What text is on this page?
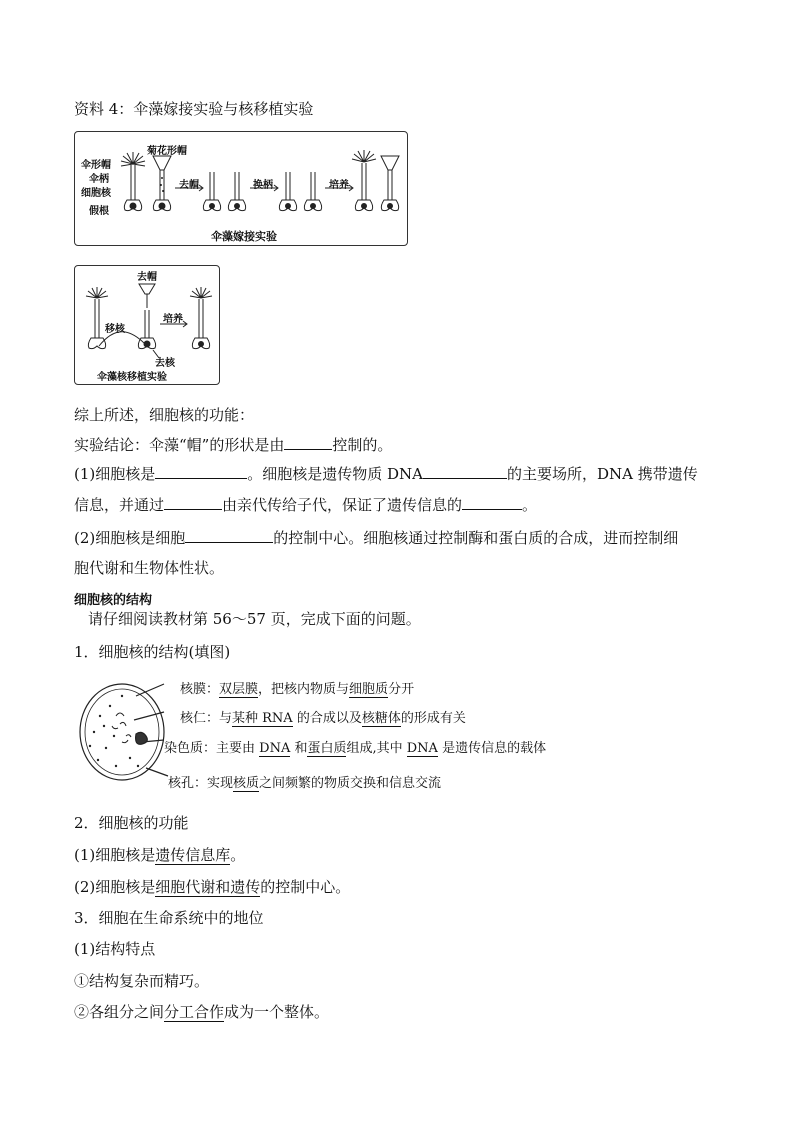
资料 4：伞藻嫁接实验与核移植实验
伞形帽
伞柄
细胞核
假根
菊花形帽
去帽	换柄	培养
伞藻嫁接实验
去帽
移核
培养
去核
伞藻核移植实验
综上所述，细胞核的功能：
实验结论：伞藻“帽”的形状是由	控制的。
(1)细胞核是	。细胞核是遗传物质 DNA	的主要场所，DNA 携带遗传
信息，并通过	由亲代传给子代，保证了遗传信息的	。
(2)细胞核是细胞	的控制中心。细胞核通过控制酶和蛋白质的合成，进而控制细
胞代谢和生物体性状。
细胞核的结构
请仔细阅读教材第 56～57 页，完成下面的问题。
1．细胞核的结构(填图)
核膜：双层膜，把核内物质与细胞质分开
核仁：与某种 RNA 的合成以及核糖体的形成有关
染色质：主要由 DNA 和蛋白质组成,其中 DNA 是遗传信息的载体
核孔：实现核质之间频繁的物质交换和信息交流
2．细胞核的功能
(1)细胞核是遗传信息库。
(2)细胞核是细胞代谢和遗传的控制中心。
3．细胞在生命系统中的地位
(1)结构特点
①结构复杂而精巧。
②各组分之间分工合作成为一个整体。
